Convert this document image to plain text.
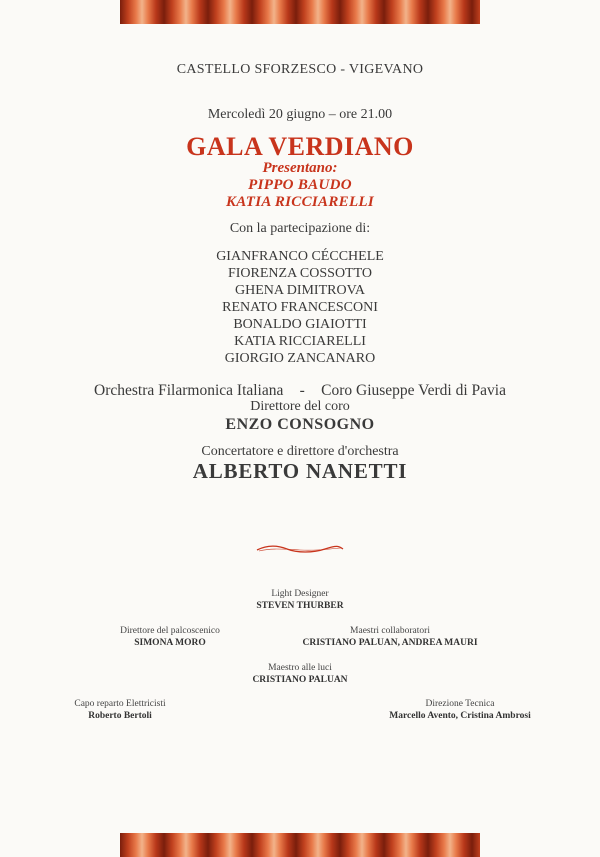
CASTELLO SFORZESCO - VIGEVANO
Mercoledì 20 giugno – ore 21.00
GALA VERDIANO
Presentano:
PIPPO BAUDO
KATIA RICCIARELLI
Con la partecipazione di:
GIANFRANCO CÉCCHELE
FIORENZA COSSOTTO
GHENA DIMITROVA
RENATO FRANCESCONI
BONALDO GIAIOTTI
KATIA RICCIARELLI
GIORGIO ZANCANARO
Orchestra Filarmonica Italiana - Coro Giuseppe Verdi di Pavia
Direttore del coro
ENZO CONSOGNO
Concertatore e direttore d'orchestra
ALBERTO NANETTI
Light Designer
STEVEN THURBER
Direttore del palcoscenico
SIMONA MORO
Maestri collaboratori
CRISTIANO PALUAN, ANDREA MAURI
Maestro alle luci
CRISTIANO PALUAN
Capo reparto Elettricisti
Roberto Bertoli
Direzione Tecnica
Marcello Avento, Cristina Ambrosi
